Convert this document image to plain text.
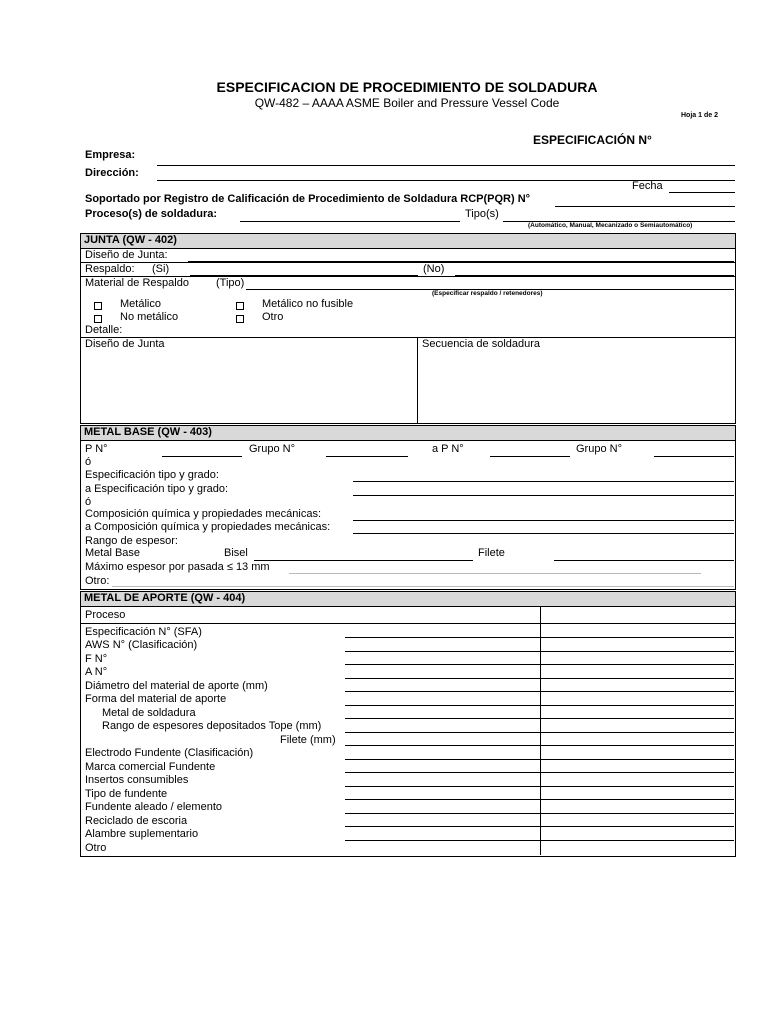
ESPECIFICACION DE PROCEDIMIENTO DE SOLDADURA
QW-482 – AAAA ASME Boiler and Pressure Vessel Code
Hoja 1 de 2
ESPECIFICACIÓN N°
Empresa:
Dirección:
Fecha
Soportado por Registro de Calificación de Procedimiento de Soldadura RCP(PQR) N°
Proceso(s) de soldadura:	Tipo(s)
(Automático, Manual, Mecanizado o Semiautomático)
JUNTA (QW - 402)
Diseño de Junta:
Respaldo: (Si)	(No)
Material de Respaldo (Tipo)
(Especificar respaldo / retenedores)
Metálico	Metálico no fusible
No metálico	Otro
Detalle:
Diseño de Junta	Secuencia de soldadura
METAL BASE (QW - 403)
P N°	Grupo N°	a P N°	Grupo N°
ó
Especificación tipo y grado:
a Especificación tipo y grado:
ó
Composición química y propiedades mecánicas:
a Composición química y propiedades mecánicas:
Rango de espesor:
Metal Base	Bisel	Filete
Máximo espesor por pasada ≤ 13 mm
Otro:
METAL DE APORTE (QW - 404)
Proceso
Especificación N° (SFA)
AWS N° (Clasificación)
F N°
A N°
Diámetro del material de aporte (mm)
Forma del material de aporte
Metal de soldadura
Rango de espesores depositados Tope (mm)
Filete (mm)
Electrodo Fundente (Clasificación)
Marca comercial Fundente
Insertos consumibles
Tipo de fundente
Fundente aleado / elemento
Reciclado de escoria
Alambre suplementario
Otro
